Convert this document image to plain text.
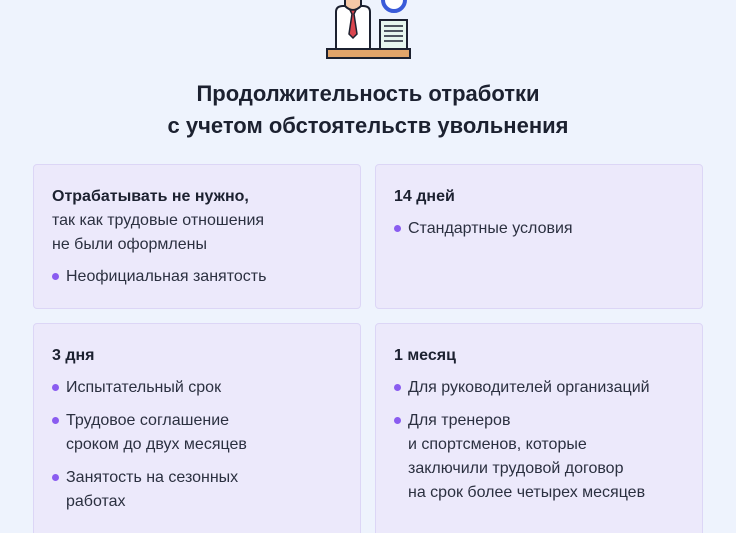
Продолжительность отработки
с учетом обстоятельств увольнения
Отрабатывать не нужно,
так как трудовые отношения
не были оформлены
Неофициальная занятость
14 дней
Стандартные условия
3 дня
Испытательный срок
Трудовое соглашение
сроком до двух месяцев
Занятость на сезонных
работах
1 месяц
Для руководителей организаций
Для тренеров
и спортсменов, которые
заключили трудовой договор
на срок более четырех месяцев
